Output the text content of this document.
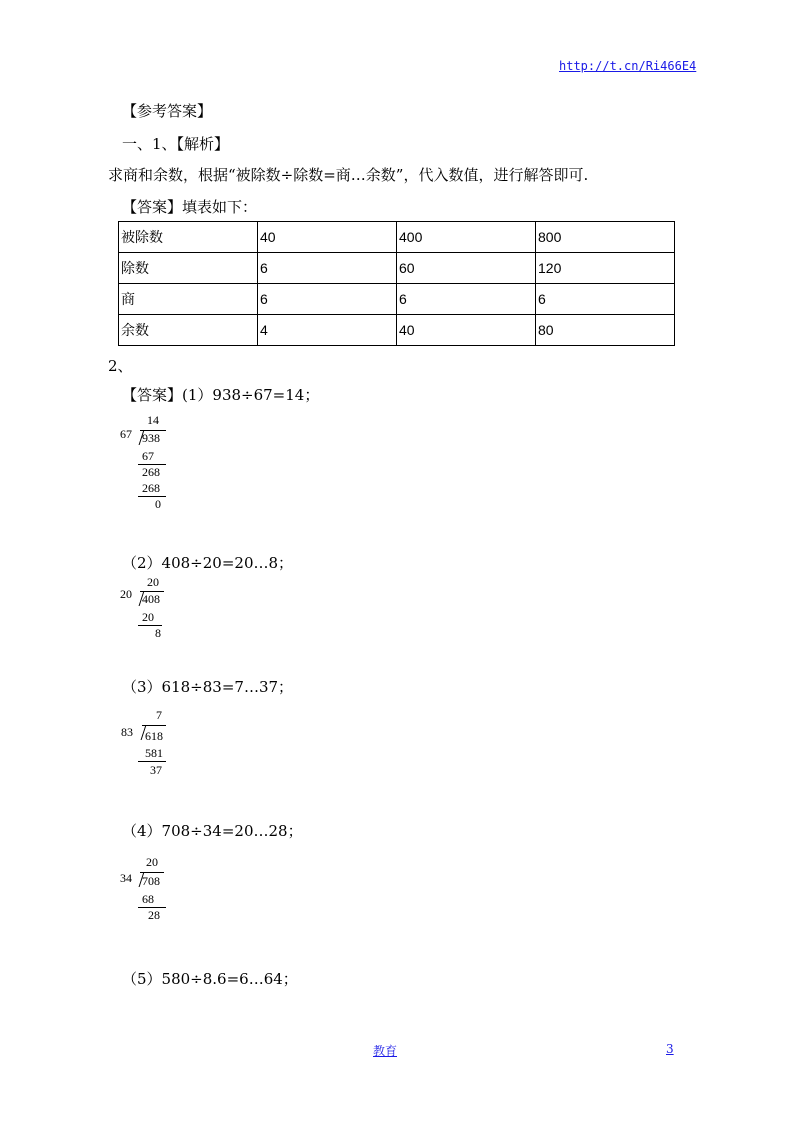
http://t.cn/Ri466E4
【参考答案】
一、1、【解析】
求商和余数，根据“被除数÷除数=商…余数”，代入数值，进行解答即可.
【答案】填表如下：
被除数	40	400	800
除数	6	60	120
商	6	6	6
余数	4	40	80
2、
【答案】(1）938÷67=14；
14
67 938
67
268
268
0
（2）408÷20=20…8；
20
20 408
20
8
（3）618÷83=7…37；
7
83 618
581
37
（4）708÷34=20…28；
20
34 708
68
28
（5）580÷8.6=6…64；
教育	3
